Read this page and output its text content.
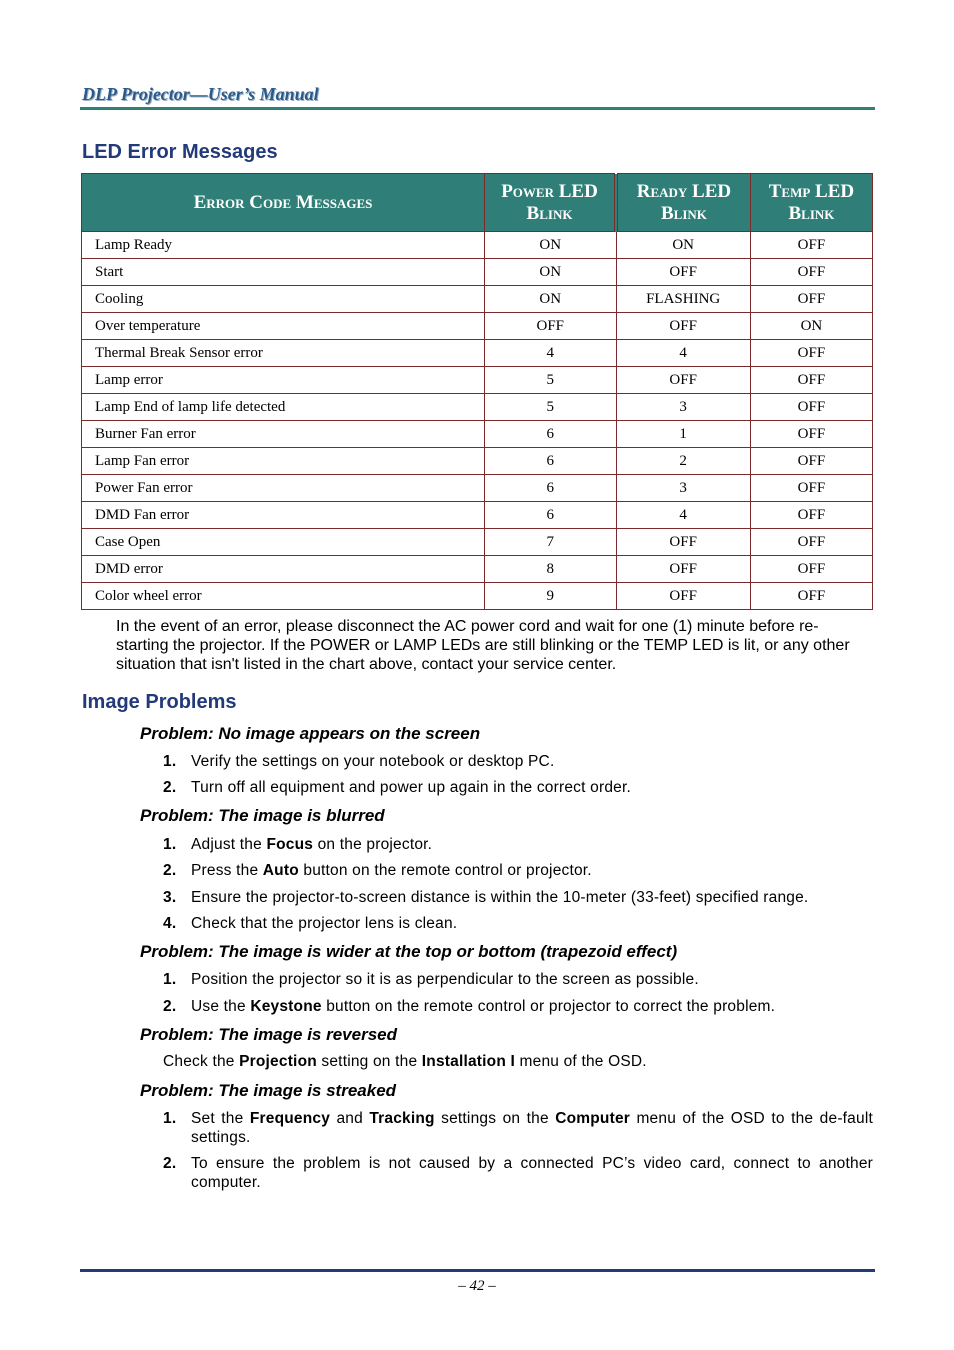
DLP Projector—User’s Manual
LED Error Messages
Error Code Messages	Power LED Blink	Ready LED Blink	Temp LED Blink
Lamp Ready	ON	ON	OFF
Start	ON	OFF	OFF
Cooling	ON	FLASHING	OFF
Over temperature	OFF	OFF	ON
Thermal Break Sensor error	4	4	OFF
Lamp error	5	OFF	OFF
Lamp End of lamp life detected	5	3	OFF
Burner Fan error	6	1	OFF
Lamp Fan error	6	2	OFF
Power Fan error	6	3	OFF
DMD Fan error	6	4	OFF
Case Open	7	OFF	OFF
DMD error	8	OFF	OFF
Color wheel error	9	OFF	OFF
In the event of an error, please disconnect the AC power cord and wait for one (1) minute before re-starting the projector. If the POWER or LAMP LEDs are still blinking or the TEMP LED is lit, or any other situation that isn't listed in the chart above, contact your service center.
Image Problems
Problem: No image appears on the screen
1. Verify the settings on your notebook or desktop PC.
2. Turn off all equipment and power up again in the correct order.
Problem: The image is blurred
1. Adjust the Focus on the projector.
2. Press the Auto button on the remote control or projector.
3. Ensure the projector-to-screen distance is within the 10-meter (33-feet) specified range.
4. Check that the projector lens is clean.
Problem: The image is wider at the top or bottom (trapezoid effect)
1. Position the projector so it is as perpendicular to the screen as possible.
2. Use the Keystone button on the remote control or projector to correct the problem.
Problem: The image is reversed
Check the Projection setting on the Installation I menu of the OSD.
Problem: The image is streaked
1. Set the Frequency and Tracking settings on the Computer menu of the OSD to the de-fault settings.
2. To ensure the problem is not caused by a connected PC’s video card, connect to another computer.
– 42 –
